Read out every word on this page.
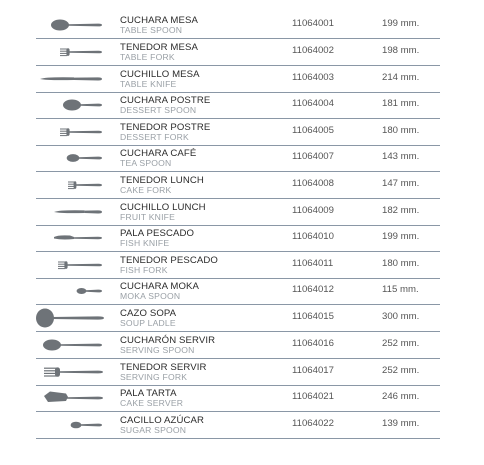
CUCHARA MESA
TABLE SPOON
11064001	199 mm.
TENEDOR MESA
TABLE FORK
11064002	198 mm.
CUCHILLO MESA
TABLE KNIFE
11064003	214 mm.
CUCHARA POSTRE
DESSERT SPOON
11064004	181 mm.
TENEDOR POSTRE
DESSERT FORK
11064005	180 mm.
CUCHARA CAFÉ
TEA SPOON
11064007	143 mm.
TENEDOR LUNCH
CAKE FORK
11064008	147 mm.
CUCHILLO LUNCH
FRUIT KNIFE
11064009	182 mm.
PALA PESCADO
FISH KNIFE
11064010	199 mm.
TENEDOR PESCADO
FISH FORK
11064011	180 mm.
CUCHARA MOKA
MOKA SPOON
11064012	115 mm.
CAZO SOPA
SOUP LADLE
11064015	300 mm.
CUCHARÓN SERVIR
SERVING SPOON
11064016	252 mm.
TENEDOR SERVIR
SERVING FORK
11064017	252 mm.
PALA TARTA
CAKE SERVER
11064021	246 mm.
CACILLO AZÚCAR
SUGAR SPOON
11064022	139 mm.
